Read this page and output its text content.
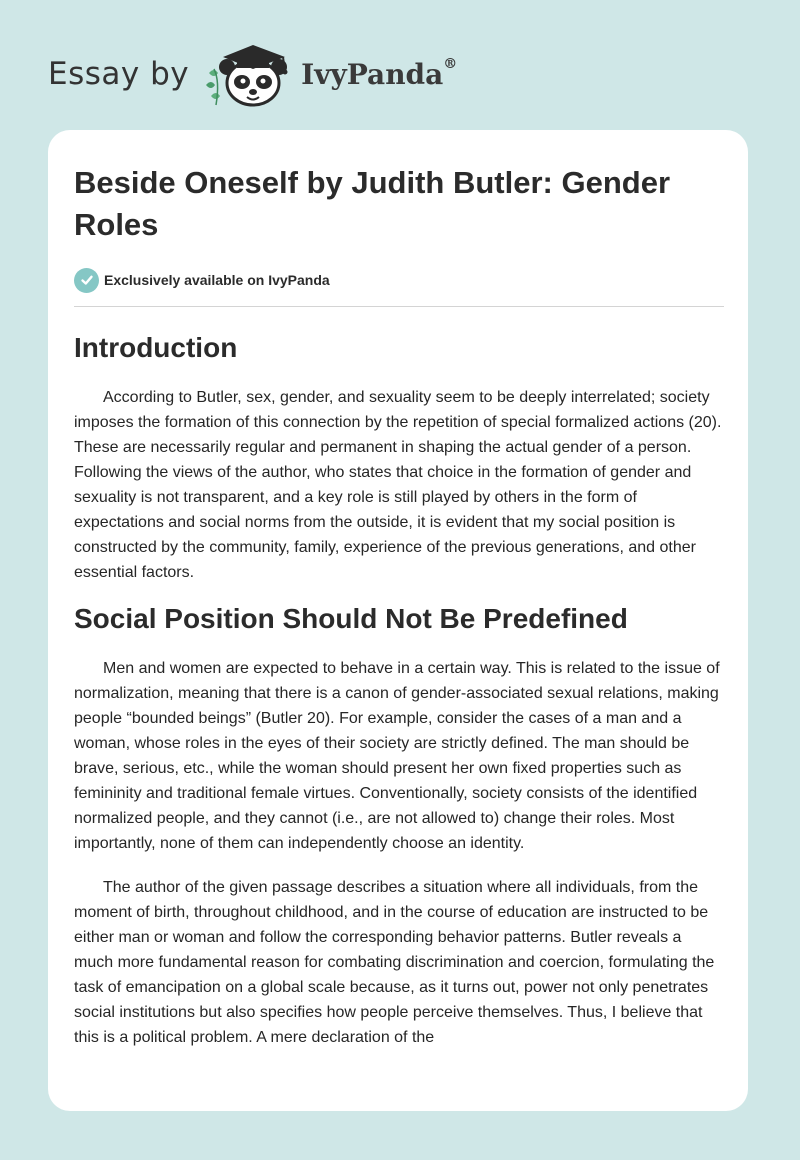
Essay by	IvyPanda®
Beside Oneself by Judith Butler: Gender Roles
Exclusively available on IvyPanda
Introduction

According to Butler, sex, gender, and sexuality seem to be deeply interrelated; society imposes the formation of this connection by the repetition of special formalized actions (20). These are necessarily regular and permanent in shaping the actual gender of a person. Following the views of the author, who states that choice in the formation of gender and sexuality is not transparent, and a key role is still played by others in the form of expectations and social norms from the outside, it is evident that my social position is constructed by the community, family, experience of the previous generations, and other essential factors.

Social Position Should Not Be Predefined

Men and women are expected to behave in a certain way. This is related to the issue of normalization, meaning that there is a canon of gender-associated sexual relations, making people “bounded beings” (Butler 20). For example, consider the cases of a man and a woman, whose roles in the eyes of their society are strictly defined. The man should be brave, serious, etc., while the woman should present her own fixed properties such as femininity and traditional female virtues. Conventionally, society consists of the identified normalized people, and they cannot (i.e., are not allowed to) change their roles. Most importantly, none of them can independently choose an identity.

The author of the given passage describes a situation where all individuals, from the moment of birth, throughout childhood, and in the course of education are instructed to be either man or woman and follow the corresponding behavior patterns. Butler reveals a much more fundamental reason for combating discrimination and coercion, formulating the task of emancipation on a global scale because, as it turns out, power not only penetrates social institutions but also specifies how people perceive themselves. Thus, I believe that this is a political problem. A mere declaration of the
